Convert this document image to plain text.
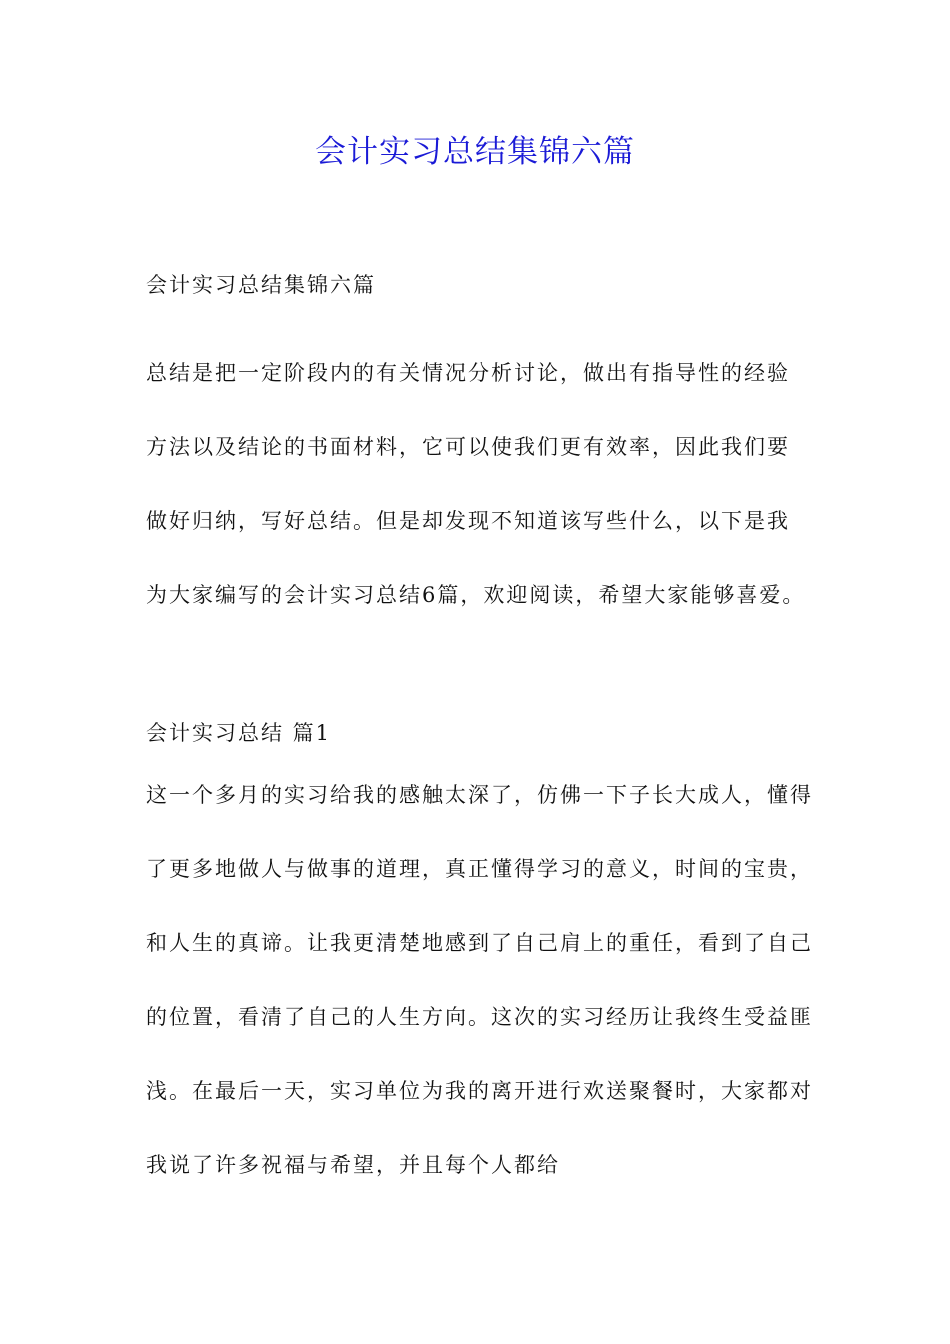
会计实习总结集锦六篇
会计实习总结集锦六篇
总结是把一定阶段内的有关情况分析讨论，做出有指导性的经验方法以及结论的书面材料，它可以使我们更有效率，因此我们要做好归纳，写好总结。但是却发现不知道该写些什么，以下是我为大家编写的会计实习总结6篇，欢迎阅读，希望大家能够喜爱。
会计实习总结 篇1
这一个多月的实习给我的感触太深了，仿佛一下子长大成人，懂得了更多地做人与做事的道理，真正懂得学习的意义，时间的宝贵，和人生的真谛。让我更清楚地感到了自己肩上的重任，看到了自己的位置，看清了自己的人生方向。这次的实习经历让我终生受益匪浅。在最后一天，实习单位为我的离开进行欢送聚餐时，大家都对我说了许多祝福与希望，并且每个人都给
